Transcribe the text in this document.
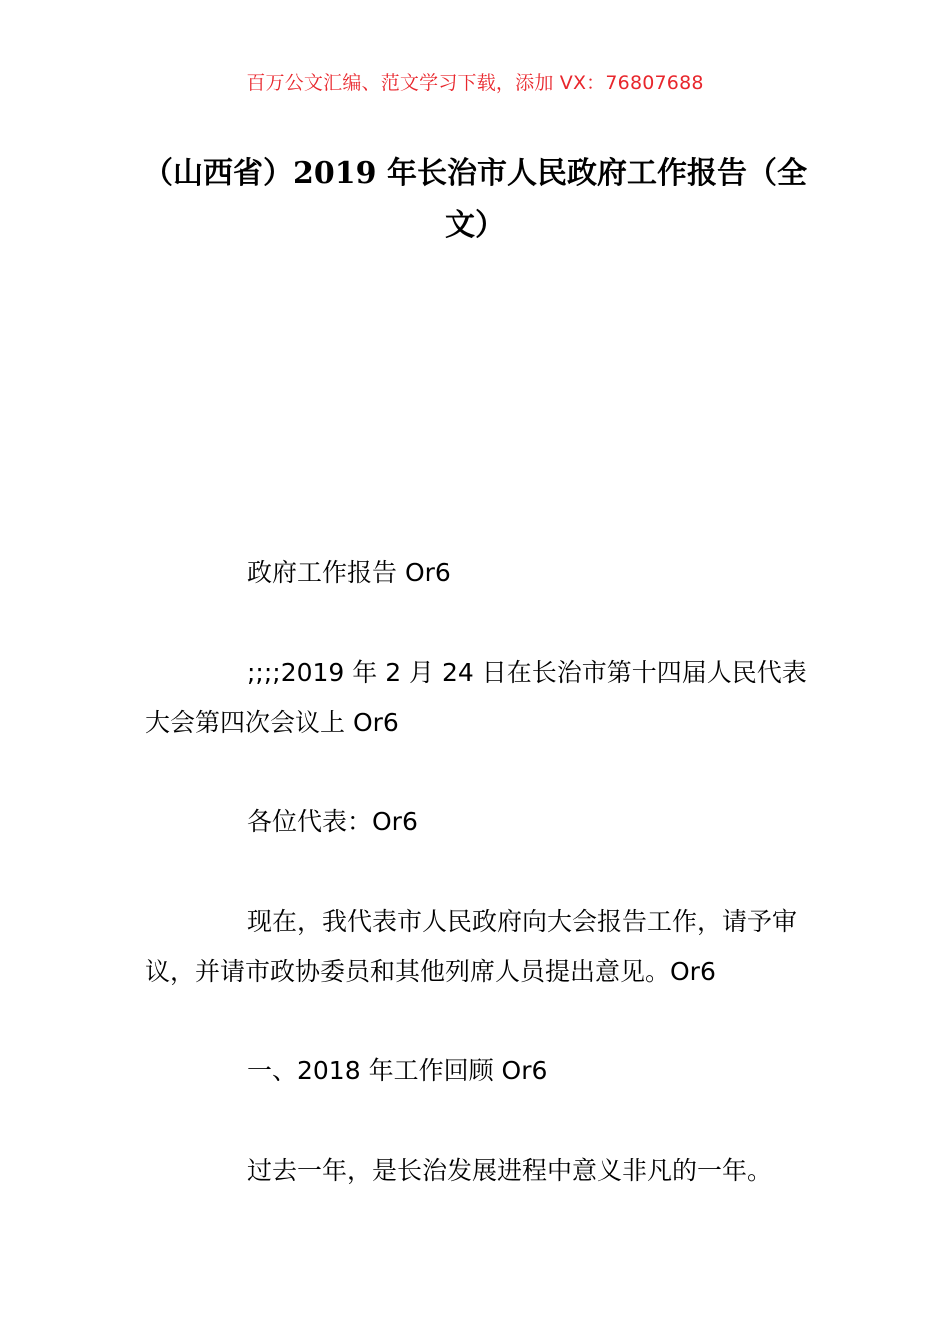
百万公文汇编、范文学习下载，添加 VX：76807688
（山西省）2019 年长治市人民政府工作报告（全文）
政府工作报告 Or6
;;;;2019 年 2 月 24 日在长治市第十四届人民代表大会第四次会议上 Or6
各位代表：Or6
现在，我代表市人民政府向大会报告工作，请予审议，并请市政协委员和其他列席人员提出意见。Or6
一、2018 年工作回顾 Or6
过去一年，是长治发展进程中意义非凡的一年。
